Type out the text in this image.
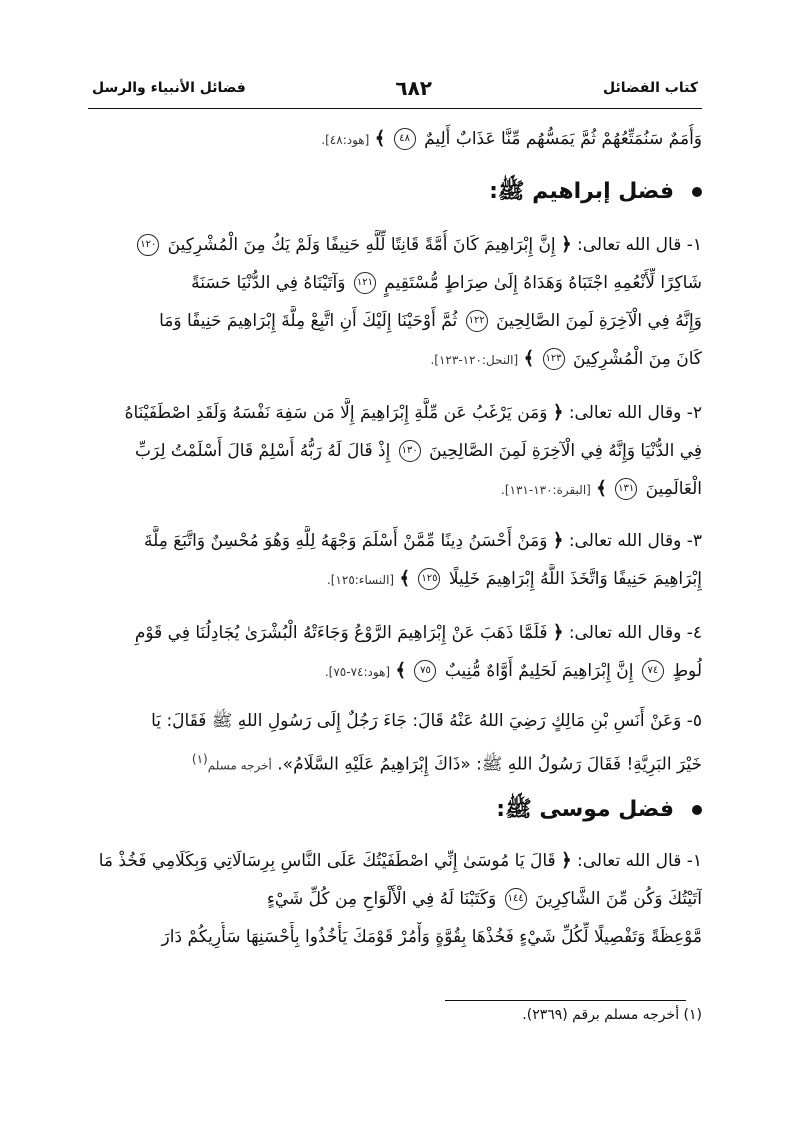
كتاب الفضائل
٦٨٢
فضائل الأنبياء والرسل
وَأُمَمٌ سَنُمَتِّعُهُمْ ثُمَّ يَمَسُّهُم مِّنَّا عَذَابٌ أَلِيمٌ ٤٨ ﴾ [هود:٤٨].
فضل إبراهيم ﷺ:
١- قال الله تعالى: ﴿ إِنَّ إِبْرَاهِيمَ كَانَ أُمَّةً قَانِتًا لِّلَّهِ حَنِيفًا وَلَمْ يَكُ مِنَ الْمُشْرِكِينَ ١٢٠
شَاكِرًا لِّأَنْعُمِهِ اجْتَبَاهُ وَهَدَاهُ إِلَىٰ صِرَاطٍ مُّسْتَقِيمٍ ١٢١ وَآتَيْنَاهُ فِي الدُّنْيَا حَسَنَةً
وَإِنَّهُ فِي الْآخِرَةِ لَمِنَ الصَّالِحِينَ ١٢٢ ثُمَّ أَوْحَيْنَا إِلَيْكَ أَنِ اتَّبِعْ مِلَّةَ إِبْرَاهِيمَ حَنِيفًا وَمَا
كَانَ مِنَ الْمُشْرِكِينَ ١٢٣ ﴾ [النحل:١٢٠-١٢٣].
٢- وقال الله تعالى: ﴿ وَمَن يَرْغَبُ عَن مِّلَّةِ إِبْرَاهِيمَ إِلَّا مَن سَفِهَ نَفْسَهُ وَلَقَدِ اصْطَفَيْنَاهُ
فِي الدُّنْيَا وَإِنَّهُ فِي الْآخِرَةِ لَمِنَ الصَّالِحِينَ ١٣٠ إِذْ قَالَ لَهُ رَبُّهُ أَسْلِمْ قَالَ أَسْلَمْتُ لِرَبِّ
الْعَالَمِينَ ١٣١ ﴾ [البقرة:١٣٠-١٣١].
٣- وقال الله تعالى: ﴿ وَمَنْ أَحْسَنُ دِينًا مِّمَّنْ أَسْلَمَ وَجْهَهُ لِلَّهِ وَهُوَ مُحْسِنٌ وَاتَّبَعَ مِلَّةَ
إِبْرَاهِيمَ حَنِيفًا وَاتَّخَذَ اللَّهُ إِبْرَاهِيمَ خَلِيلًا ١٢٥ ﴾ [النساء:١٢٥].
٤- وقال الله تعالى: ﴿ فَلَمَّا ذَهَبَ عَنْ إِبْرَاهِيمَ الرَّوْعُ وَجَاءَتْهُ الْبُشْرَىٰ يُجَادِلُنَا فِي قَوْمِ
لُوطٍ ٧٤ إِنَّ إِبْرَاهِيمَ لَحَلِيمٌ أَوَّاهٌ مُّنِيبٌ ٧٥ ﴾ [هود:٧٤-٧٥].
٥- وَعَنْ أَنَسِ بْنِ مَالِكٍ رَضِيَ اللهُ عَنْهُ قَالَ: جَاءَ رَجُلٌ إِلَى رَسُولِ اللهِ ﷺ فَقَالَ: يَا
خَيْرَ البَرِيَّةِ! فَقَالَ رَسُولُ اللهِ ﷺ: «ذَاكَ إِبْرَاهِيمُ عَلَيْهِ السَّلَامُ». أخرجه مسلم$^{(١)}$
فضل موسى ﷺ:
١- قال الله تعالى: ﴿ قَالَ يَا مُوسَىٰ إِنِّي اصْطَفَيْتُكَ عَلَى النَّاسِ بِرِسَالَاتِي وَبِكَلَامِي فَخُذْ مَا
آتَيْتُكَ وَكُن مِّنَ الشَّاكِرِينَ ١٤٤ وَكَتَبْنَا لَهُ فِي الْأَلْوَاحِ مِن كُلِّ شَيْءٍ
مَّوْعِظَةً وَتَفْصِيلًا لِّكُلِّ شَيْءٍ فَخُذْهَا بِقُوَّةٍ وَأْمُرْ قَوْمَكَ يَأْخُذُوا بِأَحْسَنِهَا سَأُرِيكُمْ دَارَ
(١) أخرجه مسلم برقم (٢٣٦٩).
